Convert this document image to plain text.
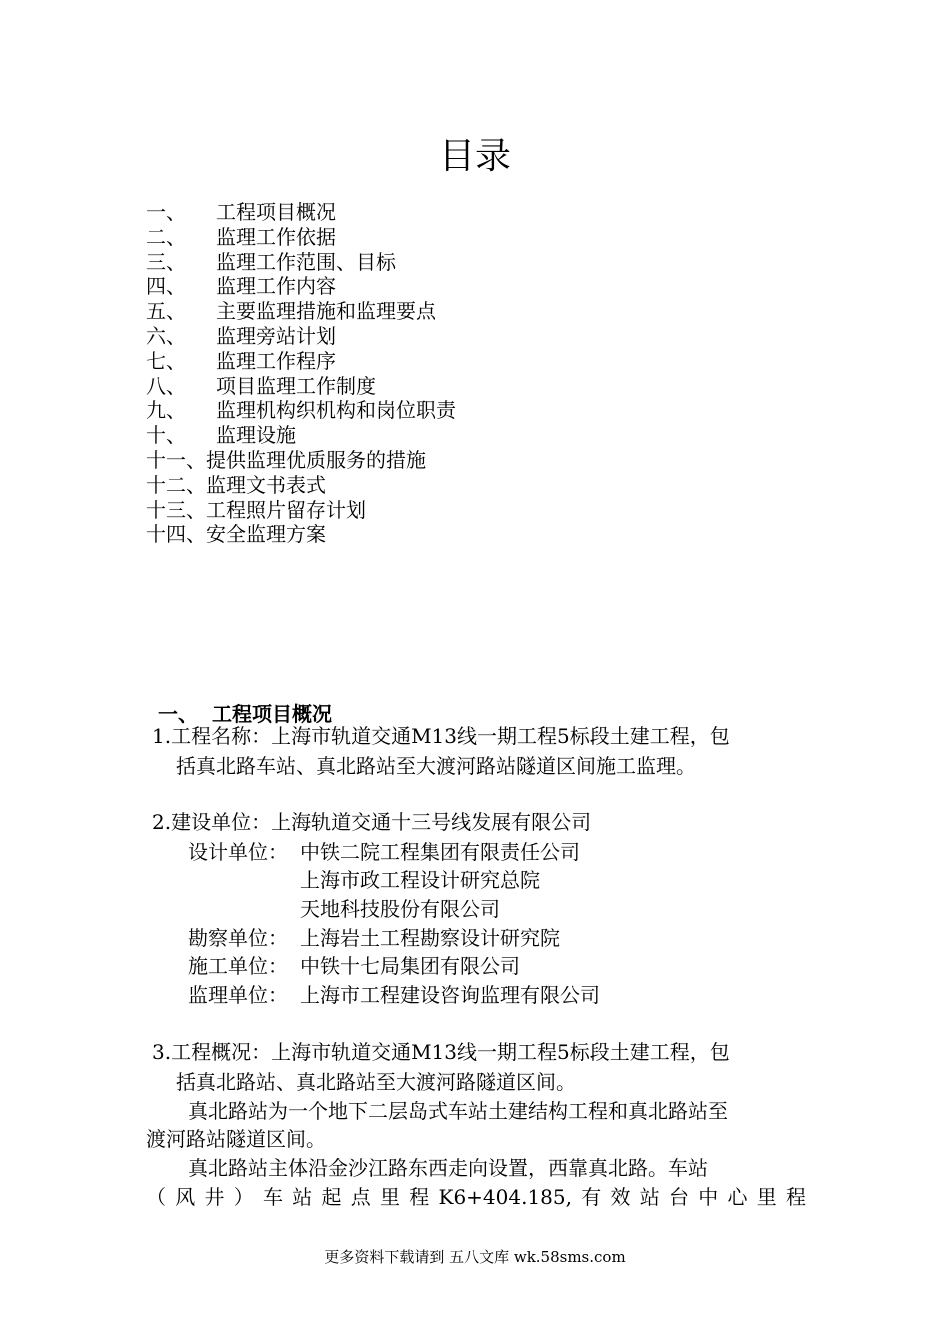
目录
一、 工程项目概况
二、 监理工作依据
三、 监理工作范围、目标
四、 监理工作内容
五、 主要监理措施和监理要点
六、 监理旁站计划
七、 监理工作程序
八、 项目监理工作制度
九、 监理机构织机构和岗位职责
十、 监理设施
十一、提供监理优质服务的措施
十二、监理文书表式
十三、工程照片留存计划
十四、安全监理方案
一、 工程项目概况
1.工程名称：上海市轨道交通M13线一期工程5标段土建工程，包
括真北路车站、真北路站至大渡河路站隧道区间施工监理。
2.建设单位：上海轨道交通十三号线发展有限公司
设计单位： 中铁二院工程集团有限责任公司
上海市政工程设计研究总院
天地科技股份有限公司
勘察单位： 上海岩土工程勘察设计研究院
施工单位： 中铁十七局集团有限公司
监理单位： 上海市工程建设咨询监理有限公司
3.工程概况：上海市轨道交通M13线一期工程5标段土建工程，包
括真北路站、真北路站至大渡河路隧道区间。
真北路站为一个地下二层岛式车站土建结构工程和真北路站至
渡河路站隧道区间。
真北路站主体沿金沙江路东西走向设置，西靠真北路。车站
（风井）车站起点里程K6+404.185,有效站台中心里程
更多资料下载请到 五八文库 wk.58sms.com
